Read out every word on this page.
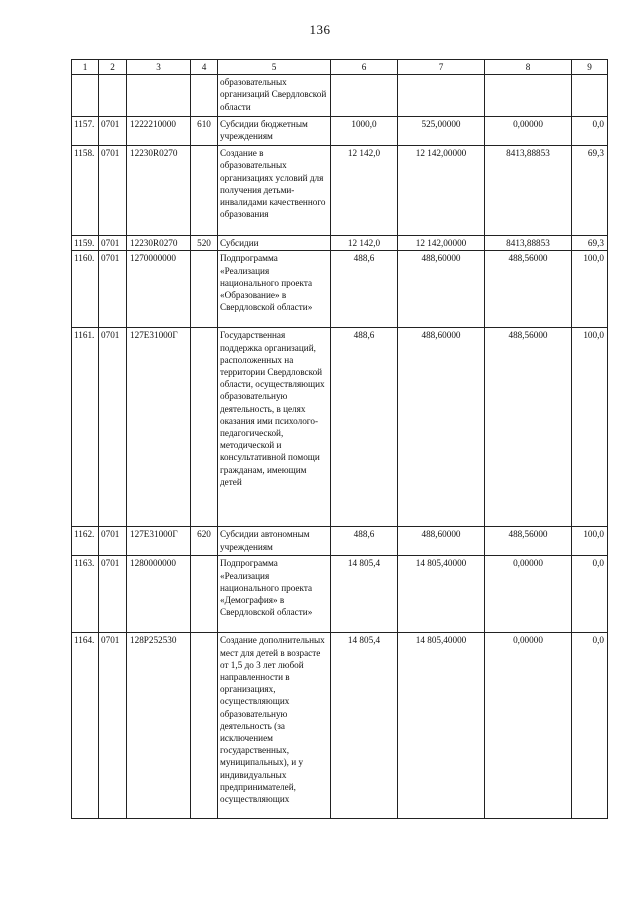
136
1	2	3	4	5	6	7	8	9
				образовательных организаций Свердловской области				
1157.	0701	1222210000	610	Субсидии бюджетным учреждениям	1000,0	525,00000	0,00000	0,0
1158.	0701	12230R0270		Создание в образовательных организациях условий для получения детьми-инвалидами качественного образования	12 142,0	12 142,00000	8413,88853	69,3
1159.	0701	12230R0270	520	Субсидии	12 142,0	12 142,00000	8413,88853	69,3
1160.	0701	1270000000		Подпрограмма «Реализация национального проекта «Образование» в Свердловской области»	488,6	488,60000	488,56000	100,0
1161.	0701	127Е31000Г		Государственная поддержка организаций, расположенных на территории Свердловской области, осуществляющих образовательную деятельность, в целях оказания ими психолого-педагогической, методической и консультативной помощи гражданам, имеющим детей	488,6	488,60000	488,56000	100,0
1162.	0701	127Е31000Г	620	Субсидии автономным учреждениям	488,6	488,60000	488,56000	100,0
1163.	0701	1280000000		Подпрограмма «Реализация национального проекта «Демография» в Свердловской области»	14 805,4	14 805,40000	0,00000	0,0
1164.	0701	128Р252530		Создание дополнительных мест для детей в возрасте от 1,5 до 3 лет любой направленности в организациях, осуществляющих образовательную деятельность (за исключением государственных, муниципальных), и у индивидуальных предпринимателей, осуществляющих	14 805,4	14 805,40000	0,00000	0,0
